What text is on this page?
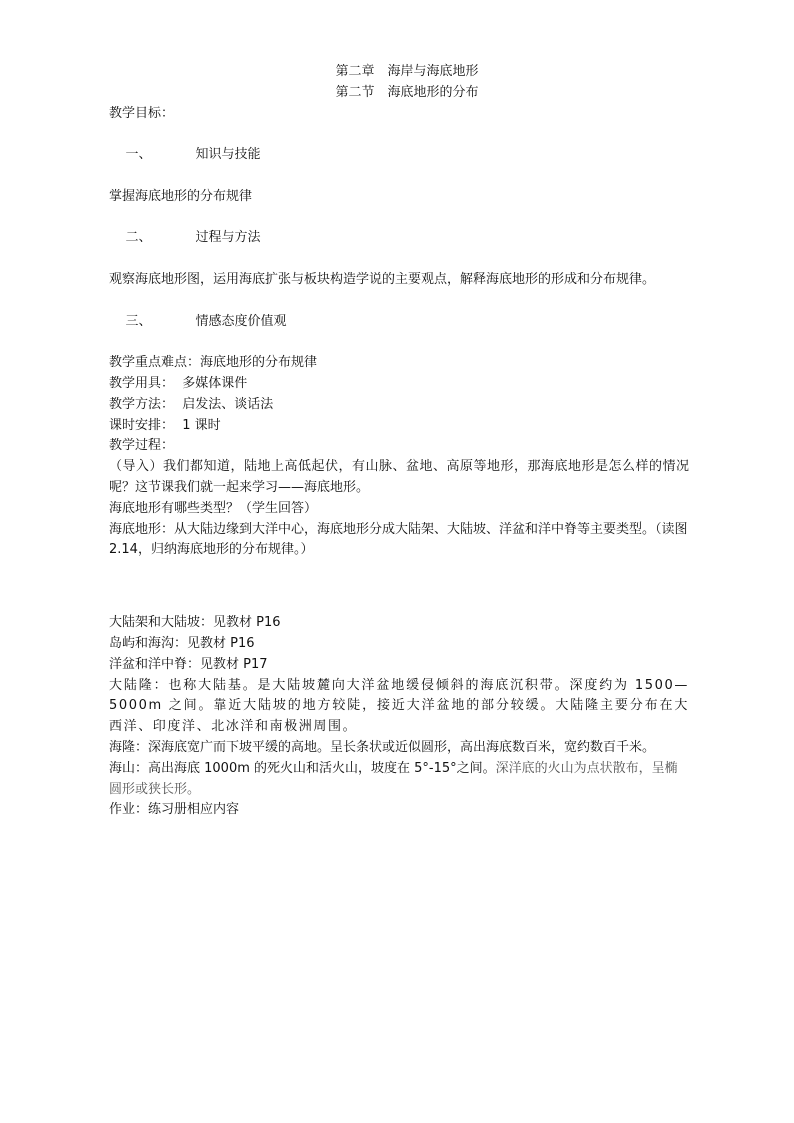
第二章　海岸与海底地形
第二节　海底地形的分布
教学目标：

一、	知识与技能

掌握海底地形的分布规律

二、	过程与方法

观察海底地形图，运用海底扩张与板块构造学说的主要观点，解释海底地形的形成和分布规律。

三、	情感态度价值观

教学重点难点：海底地形的分布规律
教学用具：  多媒体课件
教学方法：  启发法、谈话法
课时安排：  1 课时
教学过程：
（导入）我们都知道，陆地上高低起伏，有山脉、盆地、高原等地形，那海底地形是怎么样的情况呢？这节课我们就一起来学习——海底地形。
海底地形有哪些类型？（学生回答）
海底地形：从大陆边缘到大洋中心，海底地形分成大陆架、大陆坡、洋盆和洋中脊等主要类型。（读图 2.14，归纳海底地形的分布规律。）
大陆架和大陆坡：见教材 P16
岛屿和海沟：见教材 P16
洋盆和洋中脊：见教材 P17
大陆隆：也称大陆基。是大陆坡麓向大洋盆地缓侵倾斜的海底沉积带。深度约为 1500—5000m 之间。靠近大陆坡的地方较陡，接近大洋盆地的部分较缓。大陆隆主要分布在大西洋、印度洋、北冰洋和南极洲周围。
海隆：深海底宽广而下坡平缓的高地。呈长条状或近似圆形，高出海底数百米，宽约数百千米。
海山：高出海底 1000m 的死火山和活火山，坡度在 5°-15°之间。深洋底的火山为点状散布，呈椭圆形或狭长形。
作业：练习册相应内容
